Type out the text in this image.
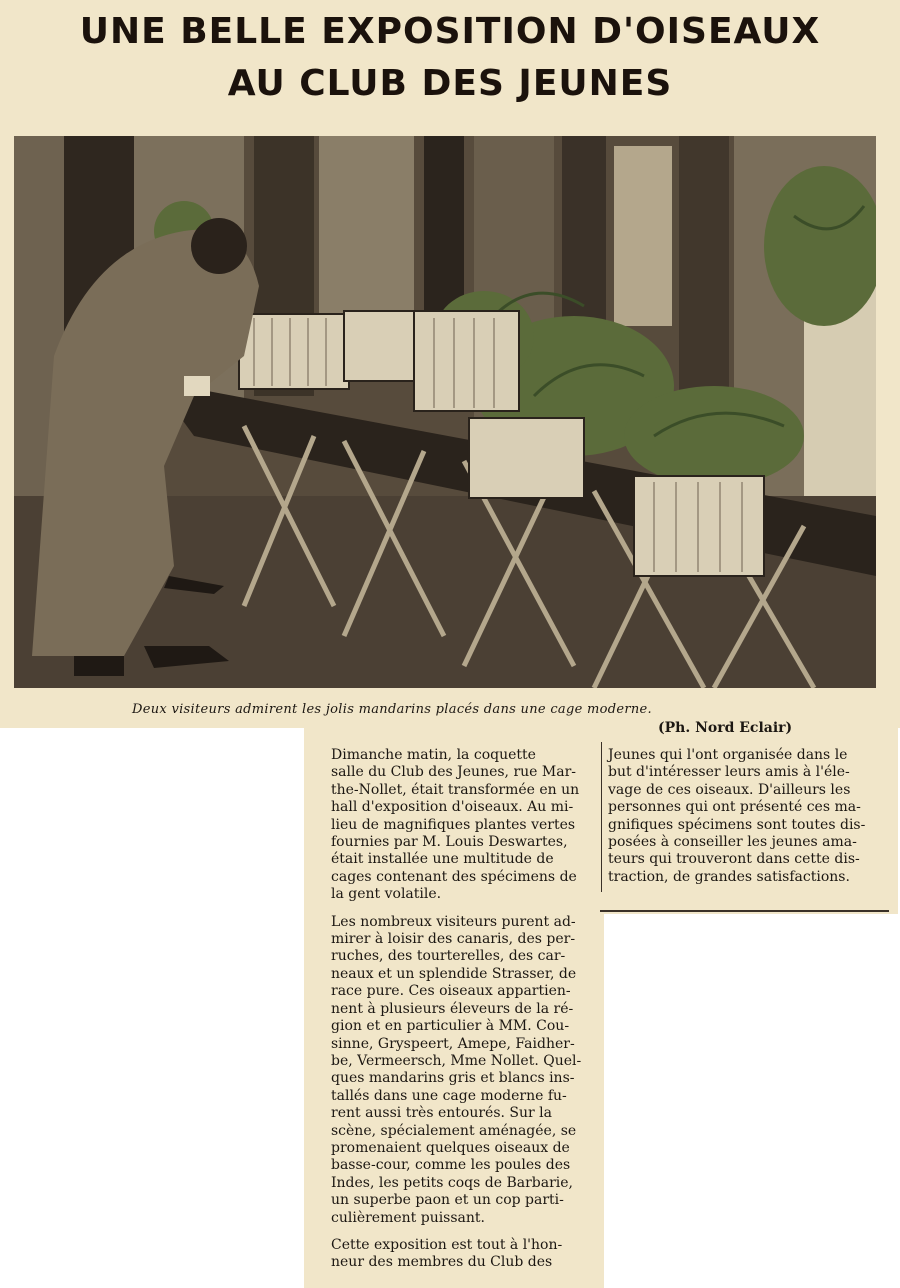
UNE BELLE EXPOSITION D'OISEAUX
AU CLUB DES JEUNES

Deux visiteurs admirent les jolis mandarins placés dans une cage moderne.

(Ph. Nord Eclair)

Dimanche matin, la coquette
salle du Club des Jeunes, rue Mar-
the-Nollet, était transformée en un
hall d'exposition d'oiseaux. Au mi-
lieu de magnifiques plantes vertes
fournies par M. Louis Deswartes,
était installée une multitude de
cages contenant des spécimens de
la gent volatile.

Les nombreux visiteurs purent ad-
mirer à loisir des canaris, des per-
ruches, des tourterelles, des car-
neaux et un splendide Strasser, de
race pure. Ces oiseaux appartien-
nent à plusieurs éleveurs de la ré-
gion et en particulier à MM. Cou-
sinne, Gryspeert, Amepe, Faidher-
be, Vermeersch, Mme Nollet. Quel-
ques mandarins gris et blancs ins-
tallés dans une cage moderne fu-
rent aussi très entourés. Sur la
scène, spécialement aménagée, se
promenaient quelques oiseaux de
basse-cour, comme les poules des
Indes, les petits coqs de Barbarie,
un superbe paon et un cop parti-
culièrement puissant.

Cette exposition est tout à l'hon-
neur des membres du Club des

Jeunes qui l'ont organisée dans le
but d'intéresser leurs amis à l'éle-
vage de ces oiseaux. D'ailleurs les
personnes qui ont présenté ces ma-
gnifiques spécimens sont toutes dis-
posées à conseiller les jeunes ama-
teurs qui trouveront dans cette dis-
traction, de grandes satisfactions.
